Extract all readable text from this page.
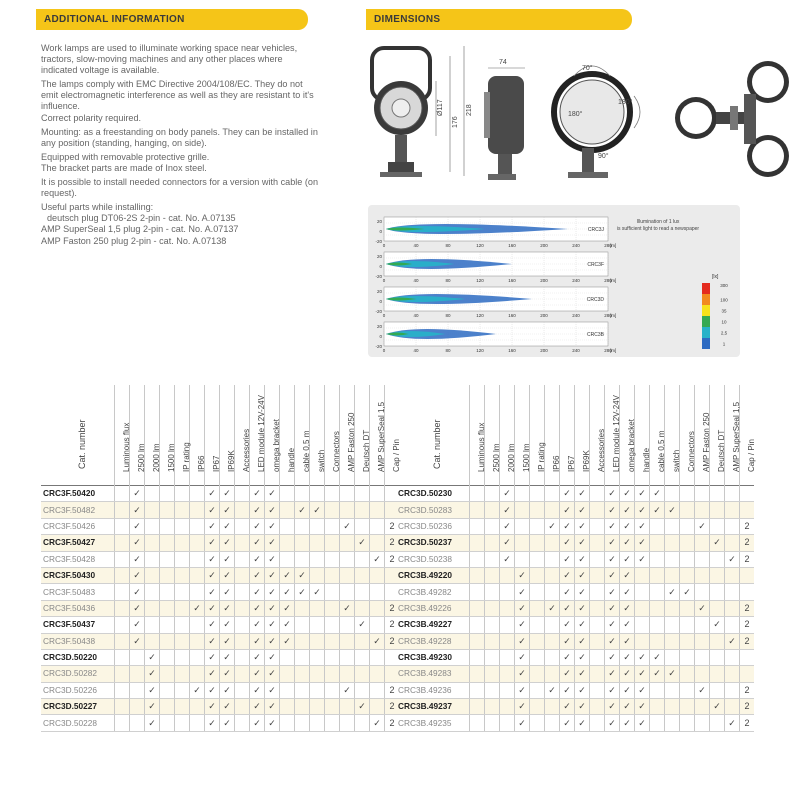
ADDITIONAL INFORMATION	DIMENSIONS

Work lamps are used to illuminate working space near vehicles, tractors, slow-moving machines and any other places where indicated voltage is available.

The lamps comply with EMC Directive 2004/108/EC. They do not emit electromagnetic interference as well as they are resistant to it's influence.

Correct polarity required.

Mounting: as a freestanding on body panels. They can be installed in any position (standing, hanging, on side).

Equipped with removable protective grille.

The bracket parts are made of Inox steel.

It is possible to install needed connectors for a version with cable (on request).

Useful parts while installing:

deutsch plug DT06-2S 2-pin - cat. No. A.07135

AMP SuperSeal 1,5 plug 2-pin - cat. No. A.07137

AMP Faston 250 plug 2-pin - cat. No. A.07138

Ø117
176
218
74
70°
180°
180°
90°
Illumination of 1 lux
is sufficient light to read a newspaper
20
0
-20
0	40	80	120	160	200	240	280
[m]
CRC3J
20
0
-20
0	40	80	120	160	200	240	280
[m]
CRC3F
20
0
-20
0	40	80	120	160	200	240	280
[m]
CRC3D
20
0
-20
0	40	80	120	160	200	240	280
[m]
CRC3B
[lx]
300
100
35
10
2,5
1
Cat. number	Luminous flux	2500 lm	2000 lm	1500 lm	IP rating	IP66	IP67	IP69K	Accessories	LED module 12V-24V	omega bracket	handle	cable 0,5 m	switch	Connectors	AMP Faston 250	Deutsch DT	AMP SuperSeal 1,5	Cap / Pin

CRC3F.50420		✓					✓	✓		✓	✓								
CRC3F.50482		✓					✓	✓		✓	✓		✓	✓					
CRC3F.50426		✓					✓	✓		✓	✓					✓			2
CRC3F.50427		✓					✓	✓		✓	✓						✓		2
CRC3F.50428		✓					✓	✓		✓	✓							✓	2
CRC3F.50430		✓					✓	✓		✓	✓	✓	✓						
CRC3F.50483		✓					✓	✓		✓	✓	✓	✓	✓					
CRC3F.50436		✓				✓	✓	✓		✓	✓	✓				✓			2
CRC3F.50437		✓					✓	✓		✓	✓	✓					✓		2
CRC3F.50438		✓					✓	✓		✓	✓	✓						✓	2
CRC3D.50220			✓				✓	✓		✓	✓								
CRC3D.50282			✓				✓	✓		✓	✓								
CRC3D.50226			✓			✓	✓	✓		✓	✓					✓			2
CRC3D.50227			✓				✓	✓		✓	✓						✓		2
CRC3D.50228			✓				✓	✓		✓	✓							✓	2
Cat. number	Luminous flux	2500 lm	2000 lm	1500 lm	IP rating	IP66	IP67	IP69K	Accessories	LED module 12V-24V	omega bracket	handle	cable 0,5 m	switch	Connectors	AMP Faston 250	Deutsch DT	AMP SuperSeal 1,5	Cap / Pin

CRC3D.50230			✓				✓	✓		✓	✓	✓	✓						
CRC3D.50283			✓				✓	✓		✓	✓	✓	✓	✓					
CRC3D.50236			✓			✓	✓	✓		✓	✓	✓				✓			2
CRC3D.50237			✓				✓	✓		✓	✓	✓					✓		2
CRC3D.50238			✓				✓	✓		✓	✓	✓						✓	2
CRC3B.49220				✓			✓	✓		✓	✓								
CRC3B.49282				✓			✓	✓		✓	✓			✓	✓				
CRC3B.49226				✓		✓	✓	✓		✓	✓					✓			2
CRC3B.49227				✓			✓	✓		✓	✓						✓		2
CRC3B.49228				✓			✓	✓		✓	✓							✓	2
CRC3B.49230				✓			✓	✓		✓	✓	✓	✓						
CRC3B.49283				✓			✓	✓		✓	✓	✓	✓	✓					
CRC3B.49236				✓		✓	✓	✓		✓	✓	✓				✓			2
CRC3B.49237				✓			✓	✓		✓	✓	✓					✓		2
CRC3B.49235				✓			✓	✓		✓	✓	✓						✓	2
